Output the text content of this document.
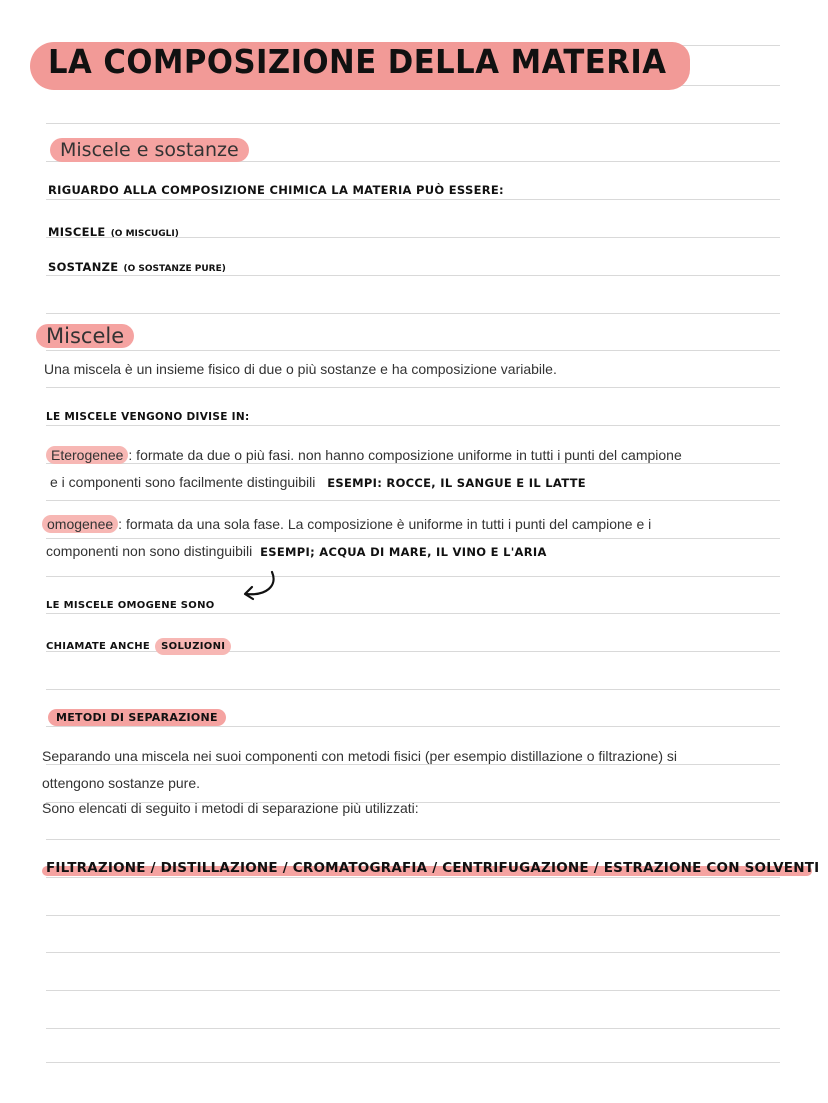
LA COMPOSIZIONE DELLA MATERIA
Miscele e sostanze
RIGUARDO ALLA COMPOSIZIONE CHIMICA LA MATERIA PUÒ ESSERE:
MISCELE (O MISCUGLI)
SOSTANZE (O SOSTANZE PURE)
Miscele
Una miscela è un insieme fisico di due o più sostanze e ha composizione variabile.
LE MISCELE VENGONO DIVISE IN:
Eterogenee : formate da due o più fasi. non hanno composizione uniforme in tutti i punti del campione
e i componenti sono facilmente distinguibili ESEMPI: ROCCE, IL SANGUE E IL LATTE
omogenee : formata da una sola fase. La composizione è uniforme in tutti i punti del campione e i
componenti non sono distinguibili ESEMPI; ACQUA DI MARE, IL VINO E L'ARIA
LE MISCELE OMOGENE SONO
CHIAMATE ANCHE SOLUZIONI
METODI DI SEPARAZIONE
Separando una miscela nei suoi componenti con metodi fisici (per esempio distillazione o filtrazione) si
ottengono sostanze pure.
Sono elencati di seguito i metodi di separazione più utilizzati:
FILTRAZIONE / DISTILLAZIONE / CROMATOGRAFIA / CENTRIFUGAZIONE / ESTRAZIONE CON SOLVENTI
